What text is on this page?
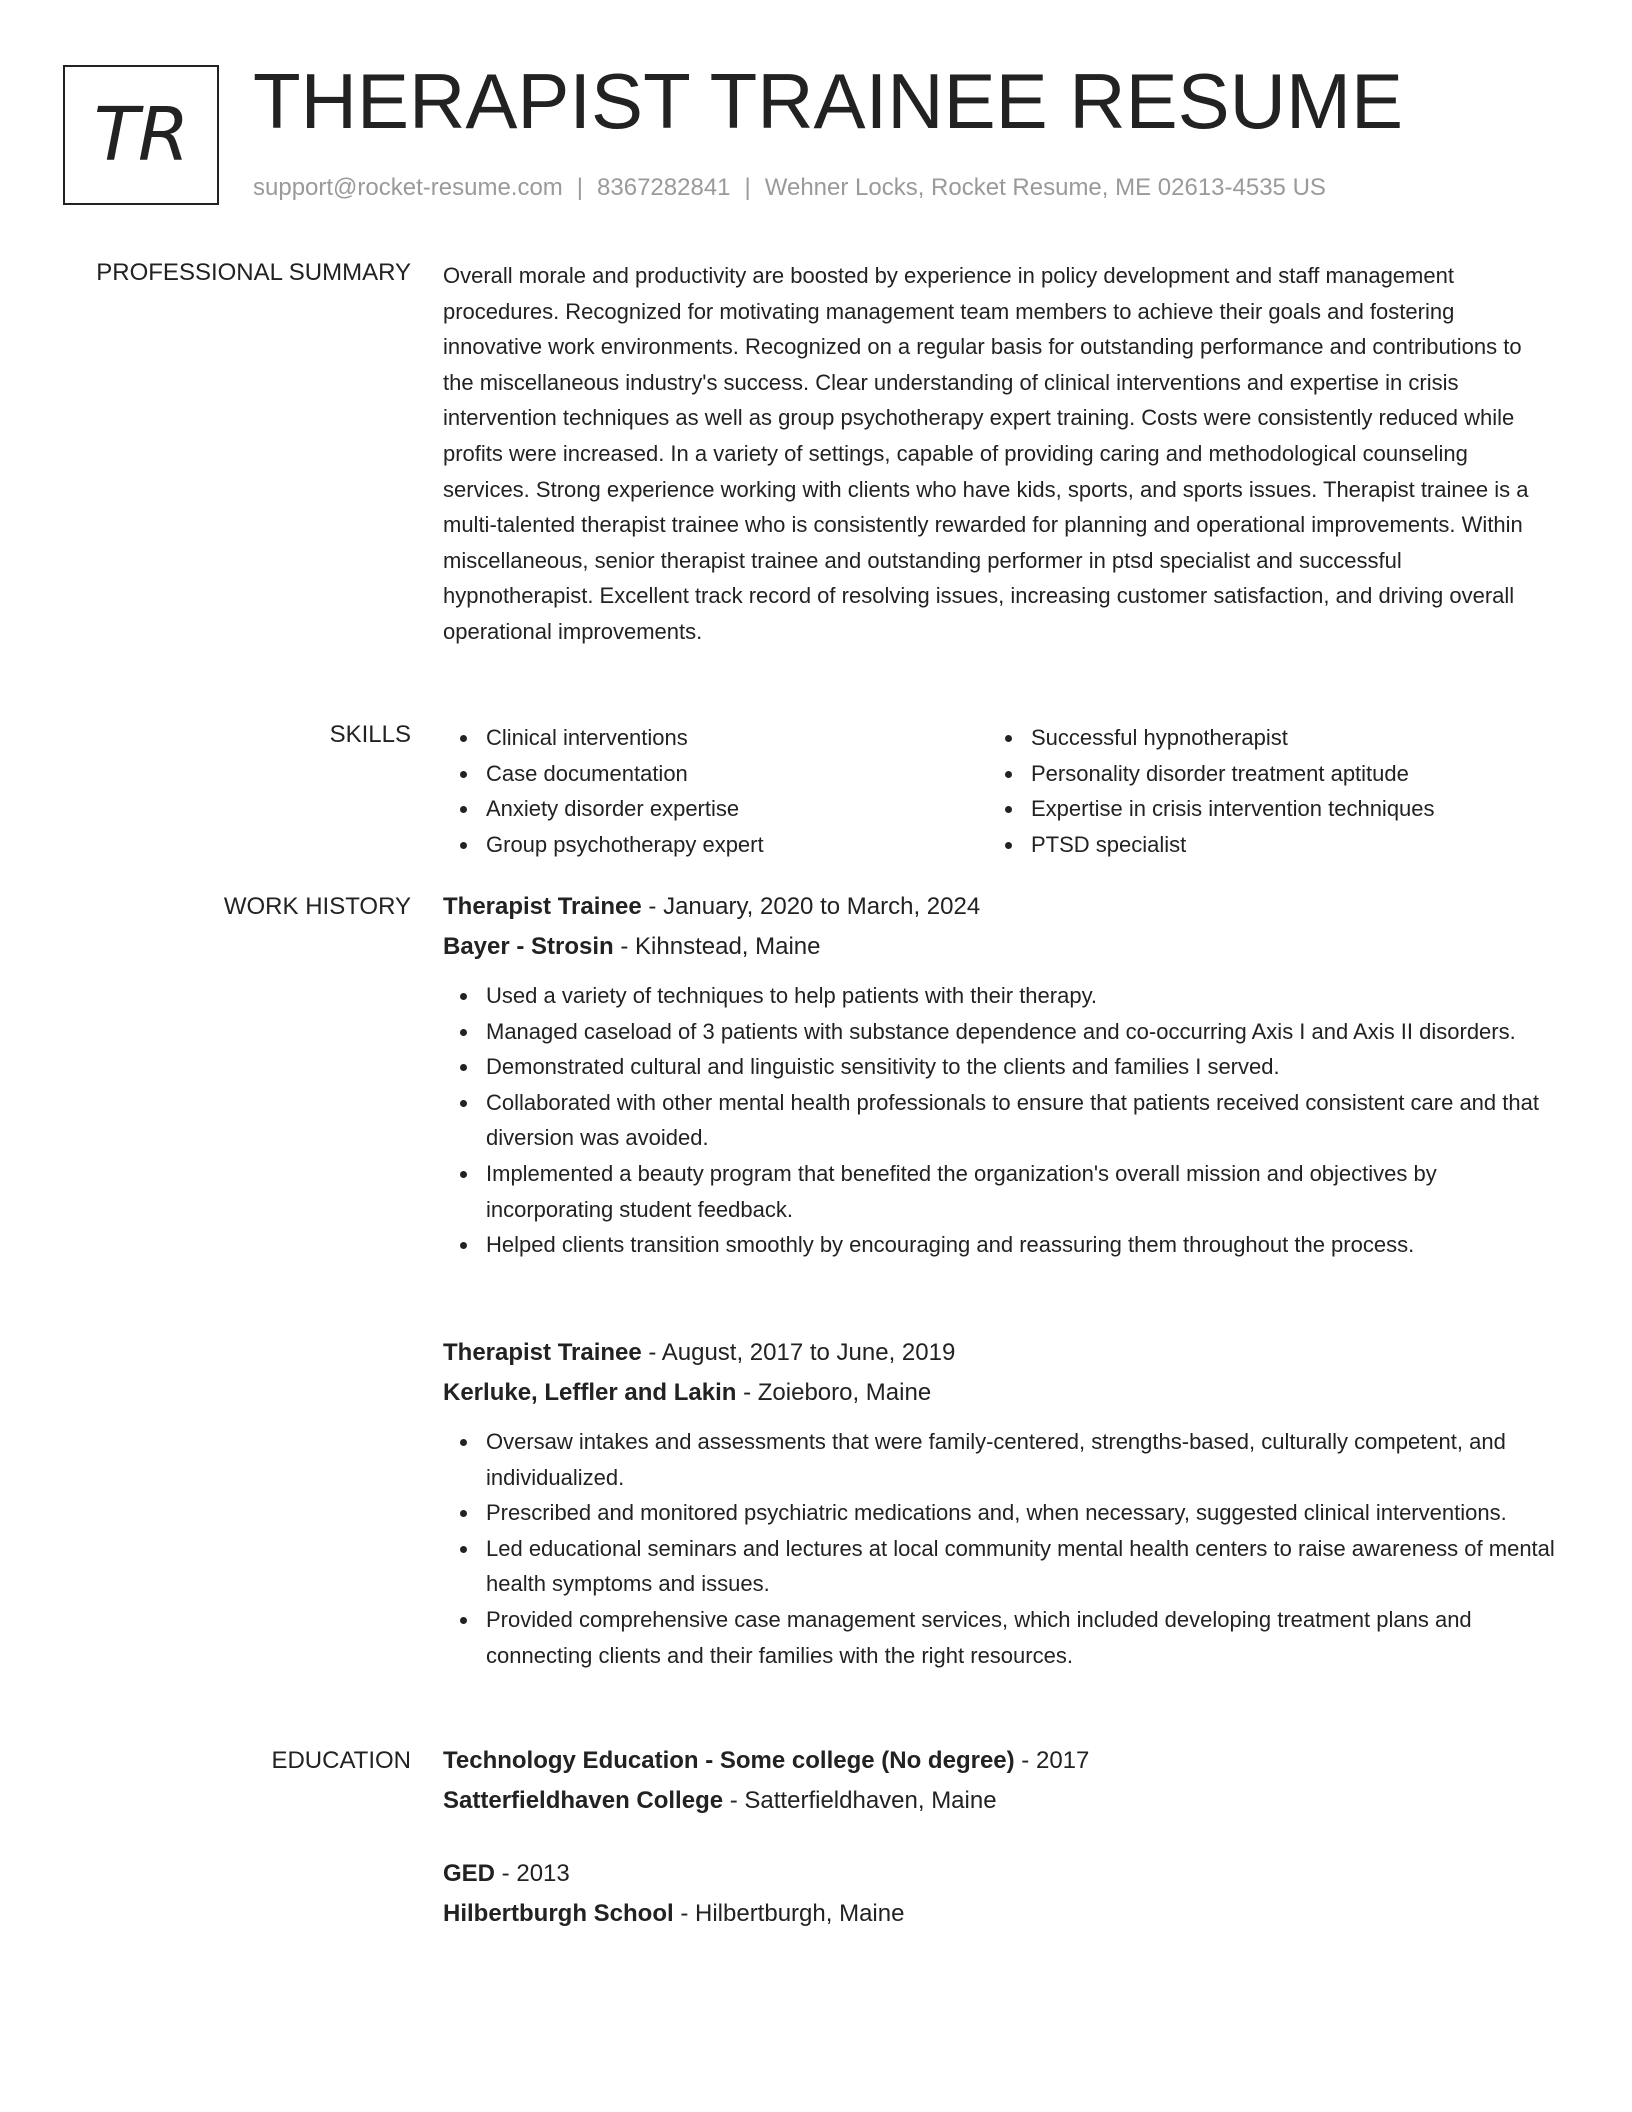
TR THERAPIST TRAINEE RESUME
support@rocket-resume.com | 8367282841 | Wehner Locks, Rocket Resume, ME 02613-4535 US
PROFESSIONAL SUMMARY Overall morale and productivity are boosted by experience in policy development and staff management procedures. Recognized for motivating management team members to achieve their goals and fostering innovative work environments. Recognized on a regular basis for outstanding performance and contributions to the miscellaneous industry's success. Clear understanding of clinical interventions and expertise in crisis intervention techniques as well as group psychotherapy expert training. Costs were consistently reduced while profits were increased. In a variety of settings, capable of providing caring and methodological counseling services. Strong experience working with clients who have kids, sports, and sports issues. Therapist trainee is a multi-talented therapist trainee who is consistently rewarded for planning and operational improvements. Within miscellaneous, senior therapist trainee and outstanding performer in ptsd specialist and successful hypnotherapist. Excellent track record of resolving issues, increasing customer satisfaction, and driving overall operational improvements.

SKILLS	Clinical interventions
Case documentation
Anxiety disorder expertise
Group psychotherapy expert
Successful hypnotherapist
Personality disorder treatment aptitude
Expertise in crisis intervention techniques
PTSD specialist
WORK HISTORY Therapist Trainee - January, 2020 to March, 2024
Bayer - Strosin - Kihnstead, Maine
Used a variety of techniques to help patients with their therapy.
Managed caseload of 3 patients with substance dependence and co-occurring Axis I and Axis II disorders.
Demonstrated cultural and linguistic sensitivity to the clients and families I served.
Collaborated with other mental health professionals to ensure that patients received consistent care and that diversion was avoided.
Implemented a beauty program that benefited the organization's overall mission and objectives by incorporating student feedback.
Helped clients transition smoothly by encouraging and reassuring them throughout the process.
Therapist Trainee - August, 2017 to June, 2019
Kerluke, Leffler and Lakin - Zoieboro, Maine
Oversaw intakes and assessments that were family-centered, strengths-based, culturally competent, and individualized.
Prescribed and monitored psychiatric medications and, when necessary, suggested clinical interventions.
Led educational seminars and lectures at local community mental health centers to raise awareness of mental health symptoms and issues.
Provided comprehensive case management services, which included developing treatment plans and connecting clients and their families with the right resources.
EDUCATION Technology Education - Some college (No degree) - 2017
Satterfieldhaven College - Satterfieldhaven, Maine
GED - 2013
Hilbertburgh School - Hilbertburgh, Maine
